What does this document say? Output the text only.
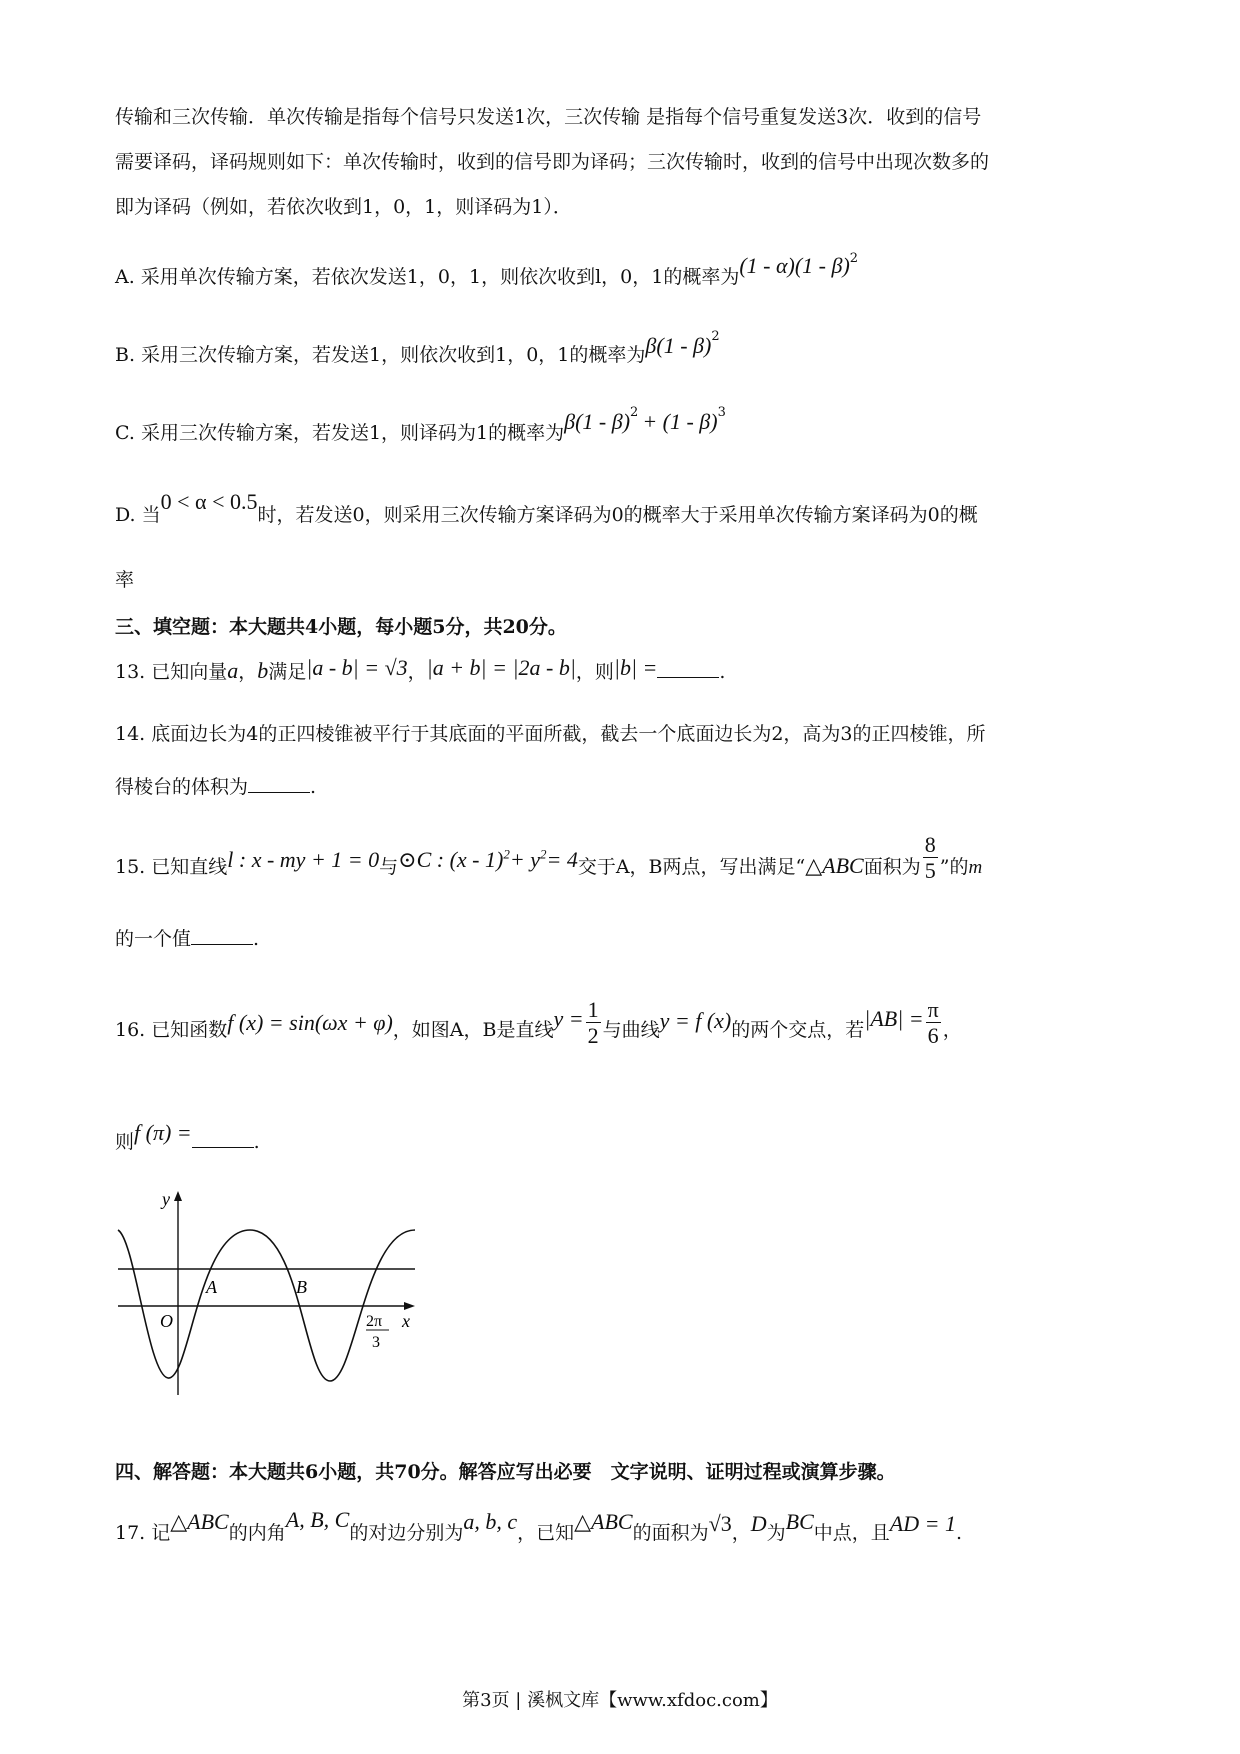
传输和三次传输．单次传输是指每个信号只发送1次，三次传输 是指每个信号重复发送3次．收到的信号
需要译码，译码规则如下：单次传输时，收到的信号即为译码；三次传输时，收到的信号中出现次数多的
即为译码（例如，若依次收到1，0，1，则译码为1）．
A. 采用单次传输方案，若依次发送1，0，1，则依次收到l，0，1的概率为(1 - α)(1 - β)$^2$
B. 采用三次传输方案，若发送1，则依次收到1，0，1的概率为β(1 - β)$^2$
C. 采用三次传输方案，若发送1，则译码为1的概率为β(1 - β)$^2$ + (1 - β)$^3$
D. 当0 < α < 0.5时，若发送0，则采用三次传输方案译码为0的概率大于采用单次传输方案译码为0的概
率
三、填空题：本大题共4小题，每小题5分，共20分。
13. 已知向量a，b满足|a - b| = √3，|a + b| = |2a - b|，则|b| =	.
14. 底面边长为4的正四棱锥被平行于其底面的平面所截，截去一个底面边长为2，高为3的正四棱锥，所
得棱台的体积为	.
15. 已知直线l : x - my + 1 = 0与⊙C : $(x - 1)^2+ y^2= 4$交于A，B两点，写出满足“△ABC面积为 $\frac{8}{5}$ ”的m
的一个值	.
16. 已知函数f (x) = sin(ωx + φ)，如图A，B是直线$y = \frac{1}{2}$ 与曲线y = f (x)的两个交点，若$|AB| = \frac{\pi}{6}$ ，
则f (π) =	.
y
x
O
A	B
2π
3
四、解答题：本大题共6小题，共70分。解答应写出必要　文字说明、证明过程或演算步骤。
17. 记△ABC的内角A, B, C的对边分别为a, b, c，已知△ABC的面积为√3，D为BC中点，且AD = 1.
第3页 | 溪枫文库【www.xfdoc.com】
